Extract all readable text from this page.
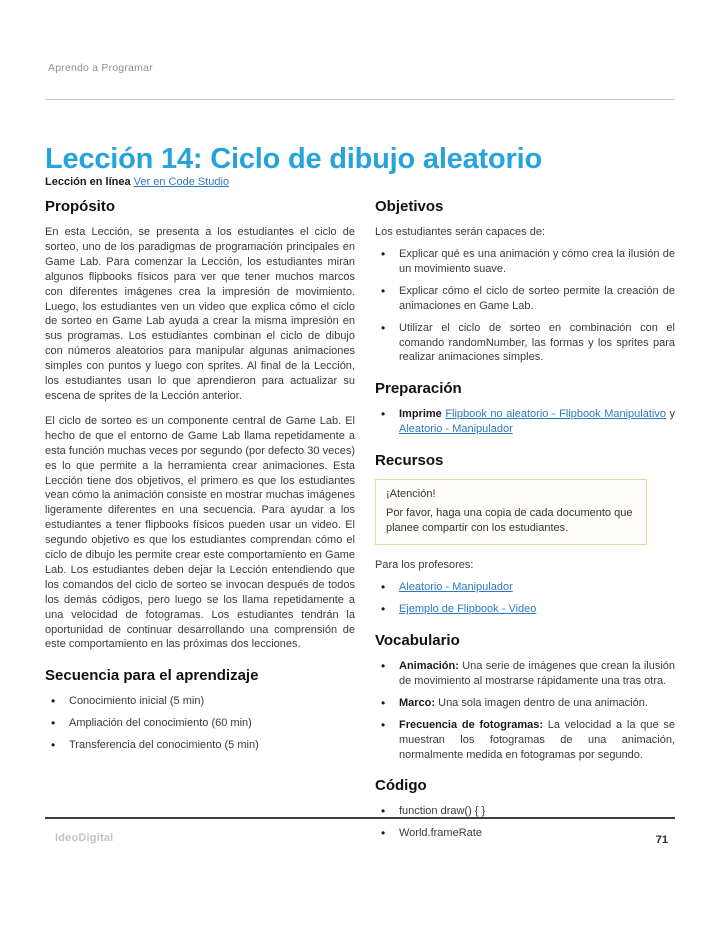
Aprendo a Programar
Lección 14: Ciclo de dibujo aleatorio
Lección en línea Ver en Code Studio
Propósito

En esta Lección, se presenta a los estudiantes el ciclo de sorteo, uno de los paradigmas de programación principales en Game Lab. Para comenzar la Lección, los estudiantes miran algunos flipbooks físicos para ver que tener muchos marcos con diferentes imágenes crea la impresión de movimiento. Luego, los estudiantes ven un video que explica cómo el ciclo de sorteo en Game Lab ayuda a crear la misma impresión en sus programas. Los estudiantes combinan el ciclo de dibujo con números aleatorios para manipular algunas animaciones simples con puntos y luego con sprites. Al final de la Lección, los estudiantes usan lo que aprendieron para actualizar su escena de sprites de la Lección anterior.

El ciclo de sorteo es un componente central de Game Lab. El hecho de que el entorno de Game Lab llama repetidamente a esta función muchas veces por segundo (por defecto 30 veces) es lo que permite a la herramienta crear animaciones. Esta Lección tiene dos objetivos, el primero es que los estudiantes vean cómo la animación consiste en mostrar muchas imágenes ligeramente diferentes en una secuencia. Para ayudar a los estudiantes a tener flipbooks físicos pueden usar un video. El segundo objetivo es que los estudiantes comprendan cómo el ciclo de dibujo les permite crear este comportamiento en Game Lab. Los estudiantes deben dejar la Lección entendiendo que los comandos del ciclo de sorteo se invocan después de todos los demás códigos, pero luego se los llama repetidamente a una velocidad de fotogramas. Los estudiantes tendrán la oportunidad de continuar desarrollando una comprensión de este comportamiento en las próximas dos lecciones.

Secuencia para el aprendizaje
• Conocimiento inicial (5 min)
• Ampliación del conocimiento (60 min)
• Transferencia del conocimiento (5 min)
Objetivos

Los estudiantes serán capaces de:

• Explicar qué es una animación y cómo crea la ilusión de un movimiento suave.
• Explicar cómo el ciclo de sorteo permite la creación de animaciones en Game Lab.
• Utilizar el ciclo de sorteo en combinación con el comando randomNumber, las formas y los sprites para realizar animaciones simples.
Preparación
• Imprime Flipbook no aleatorio - Flipbook Manipulativo y Aleatorio - Manipulador
Recursos
¡Atención!
Por favor, haga una copia de cada documento que planee compartir con los estudiantes.

Para los profesores:

• Aleatorio - Manipulador
• Ejemplo de Flipbook - Video
Vocabulario
• Animación: Una serie de imágenes que crean la ilusión de movimiento al mostrarse rápidamente una tras otra.
• Marco: Una sola imagen dentro de una animación.
• Frecuencia de fotogramas: La velocidad a la que se muestran los fotogramas de una animación, normalmente medida en fotogramas por segundo.
Código
• function draw() { }
• World.frameRate
IdeoDigital	71
